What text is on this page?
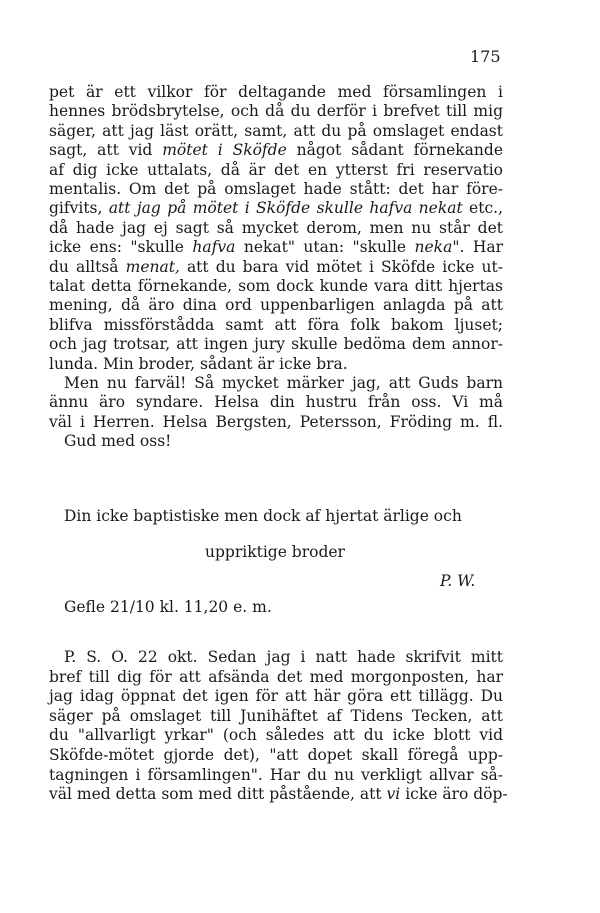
175
pet är ett vilkor för deltagande med församlingen i
hennes brödsbrytelse, och då du derför i brefvet till mig
säger, att jag läst orätt, samt, att du på omslaget endast
sagt, att vid mötet i Sköfde något sådant förnekande
af dig icke uttalats, då är det en ytterst fri reservatio
mentalis. Om det på omslaget hade stått: det har före-
gifvits, att jag på mötet i Sköfde skulle hafva nekat etc.,
då hade jag ej sagt så mycket derom, men nu står det
icke ens: "skulle hafva nekat" utan: "skulle neka". Har
du alltså menat, att du bara vid mötet i Sköfde icke ut-
talat detta förnekande, som dock kunde vara ditt hjertas
mening, då äro dina ord uppenbarligen anlagda på att
blifva missförstådda samt att föra folk bakom ljuset;
och jag trotsar, att ingen jury skulle bedöma dem annor-
lunda. Min broder, sådant är icke bra.
Men nu farväl! Så mycket märker jag, att Guds barn
ännu äro syndare. Helsa din hustru från oss. Vi må
väl i Herren. Helsa Bergsten, Petersson, Fröding m. fl.
Gud med oss!
P. S. O. 22 okt. Sedan jag i natt hade skrifvit mitt
bref till dig för att afsända det med morgonposten, har
jag idag öppnat det igen för att här göra ett tillägg. Du
säger på omslaget till Junihäftet af Tidens Tecken, att
du "allvarligt yrkar" (och således att du icke blott vid
Sköfde-mötet gjorde det), "att dopet skall föregå upp-
tagningen i församlingen". Har du nu verkligt allvar så-
väl med detta som med ditt påstående, att vi icke äro döp-
Din icke baptistiske men dock af hjertat ärlige och
uppriktige broder
P. W.
Gefle 21/10 kl. 11,20 e. m.
